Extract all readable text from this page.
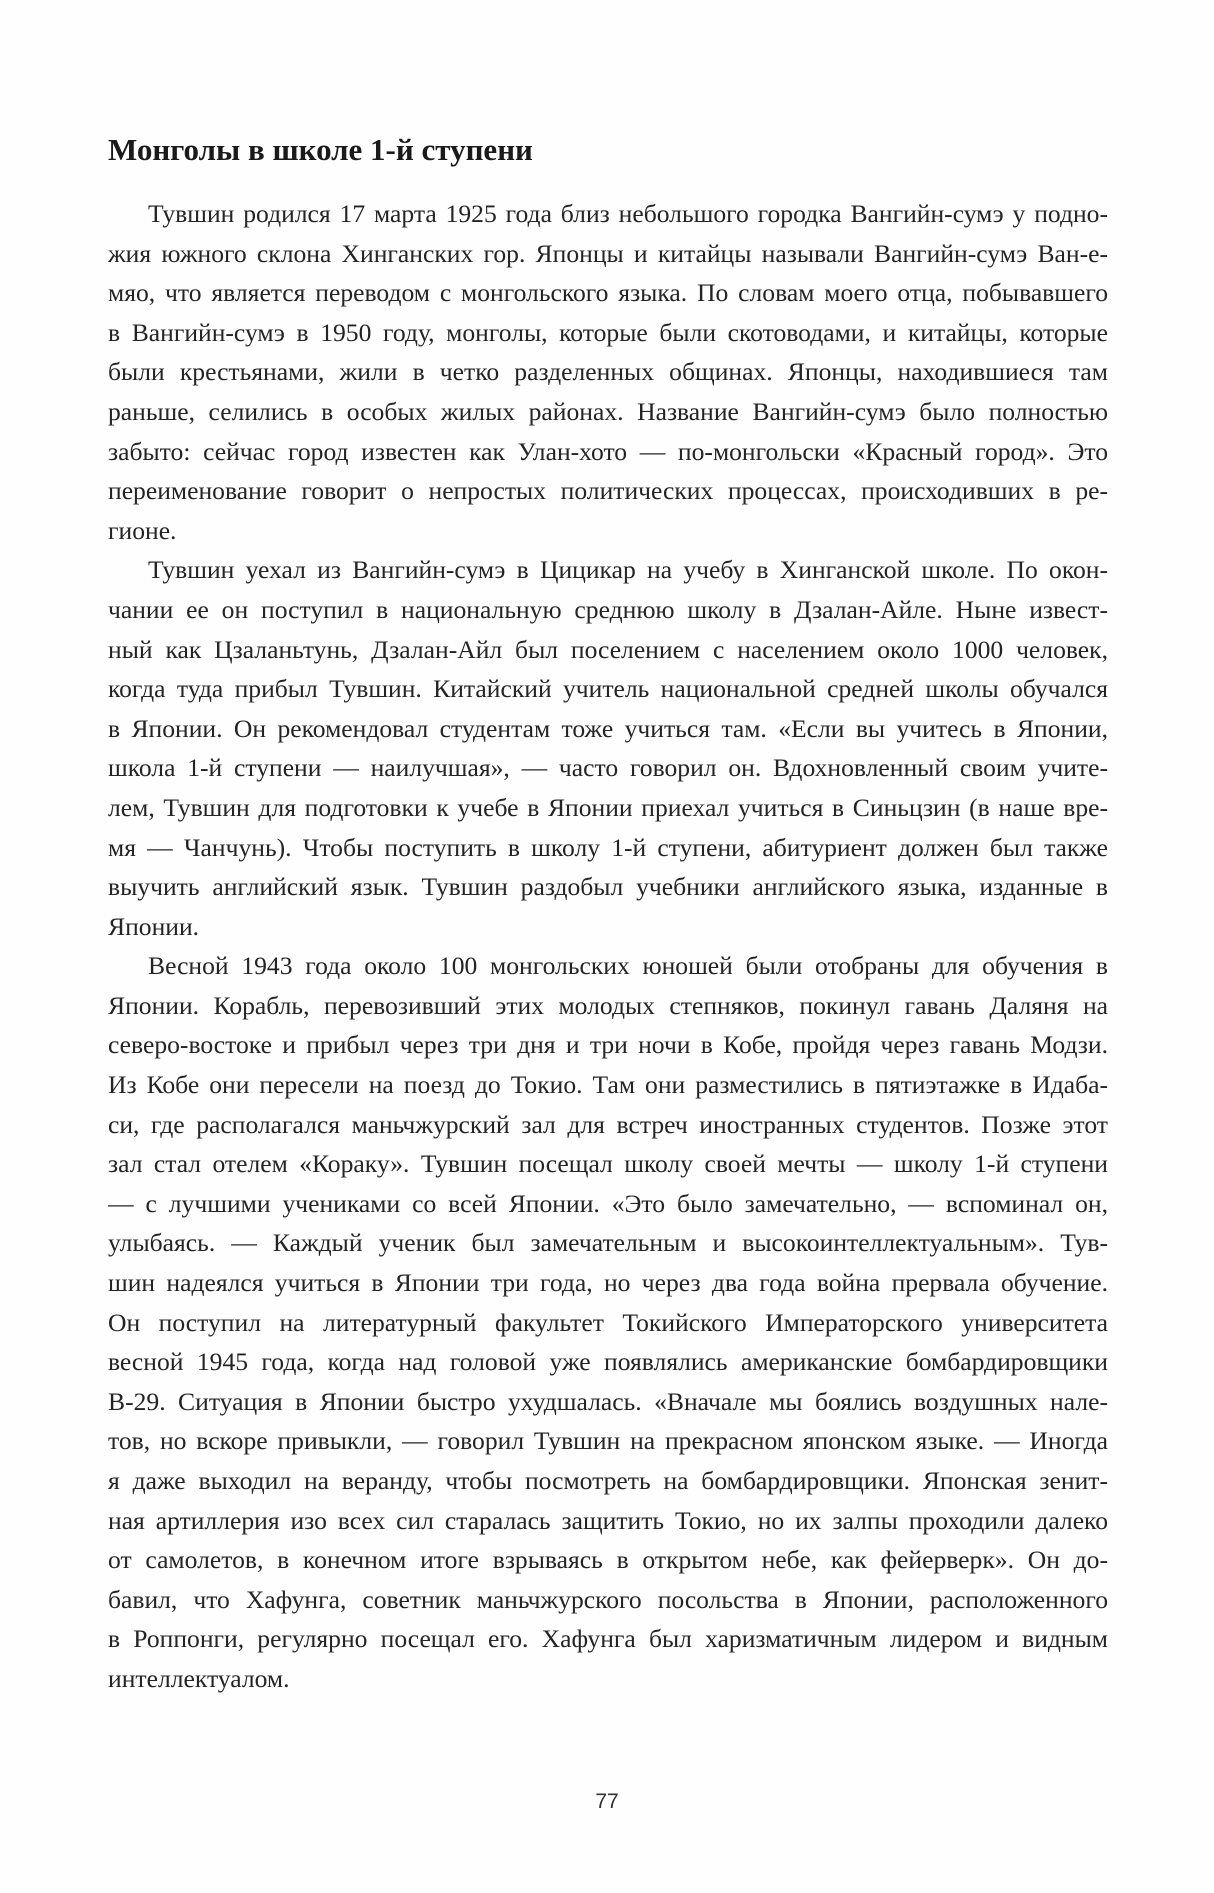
Монголы в школе 1-й ступени

Тувшин родился 17 марта 1925 года близ небольшого городка Вангийн-сумэ у подно-
жия южного склона Хинганских гор. Японцы и китайцы называли Вангийн-сумэ Ван-е-
мяо, что является переводом с монгольского языка. По словам моего отца, побывавшего
в Вангийн-сумэ в 1950 году, монголы, которые были скотоводами, и китайцы, которые
были крестьянами, жили в четко разделенных общинах. Японцы, находившиеся там
раньше, селились в особых жилых районах. Название Вангийн-сумэ было полностью
забыто: сейчас город известен как Улан-хото — по-монгольски «Красный город». Это
переименование говорит о непростых политических процессах, происходивших в ре-
гионе.

Тувшин уехал из Вангийн-сумэ в Цицикар на учебу в Хинганской школе. По окон-
чании ее он поступил в национальную среднюю школу в Дзалан-Айле. Ныне извест-
ный как Цзаланьтунь, Дзалан-Айл был поселением с населением около 1000 человек,
когда туда прибыл Тувшин. Китайский учитель национальной средней школы обучался
в Японии. Он рекомендовал студентам тоже учиться там. «Если вы учитесь в Японии,
школа 1-й ступени — наилучшая», — часто говорил он. Вдохновленный своим учите-
лем, Тувшин для подготовки к учебе в Японии приехал учиться в Синьцзин (в наше вре-
мя — Чанчунь). Чтобы поступить в школу 1-й ступени, абитуриент должен был также
выучить английский язык. Тувшин раздобыл учебники английского языка, изданные в
Японии.

Весной 1943 года около 100 монгольских юношей были отобраны для обучения в
Японии. Корабль, перевозивший этих молодых степняков, покинул гавань Даляня на
северо-востоке и прибыл через три дня и три ночи в Кобе, пройдя через гавань Модзи.
Из Кобе они пересели на поезд до Токио. Там они разместились в пятиэтажке в Идаба-
си, где располагался маньчжурский зал для встреч иностранных студентов. Позже этот
зал стал отелем «Кораку». Тувшин посещал школу своей мечты — школу 1-й ступени
— с лучшими учениками со всей Японии. «Это было замечательно, — вспоминал он,
улыбаясь. — Каждый ученик был замечательным и высокоинтеллектуальным». Тув-
шин надеялся учиться в Японии три года, но через два года война прервала обучение.
Он поступил на литературный факультет Токийского Императорского университета
весной 1945 года, когда над головой уже появлялись американские бомбардировщики
B-29. Ситуация в Японии быстро ухудшалась. «Вначале мы боялись воздушных нале-
тов, но вскоре привыкли, — говорил Тувшин на прекрасном японском языке. — Иногда
я даже выходил на веранду, чтобы посмотреть на бомбардировщики. Японская зенит-
ная артиллерия изо всех сил старалась защитить Токио, но их залпы проходили далеко
от самолетов, в конечном итоге взрываясь в открытом небе, как фейерверк». Он до-
бавил, что Хафунга, советник маньчжурского посольства в Японии, расположенного
в Роппонги, регулярно посещал его. Хафунга был харизматичным лидером и видным
интеллектуалом.

77
